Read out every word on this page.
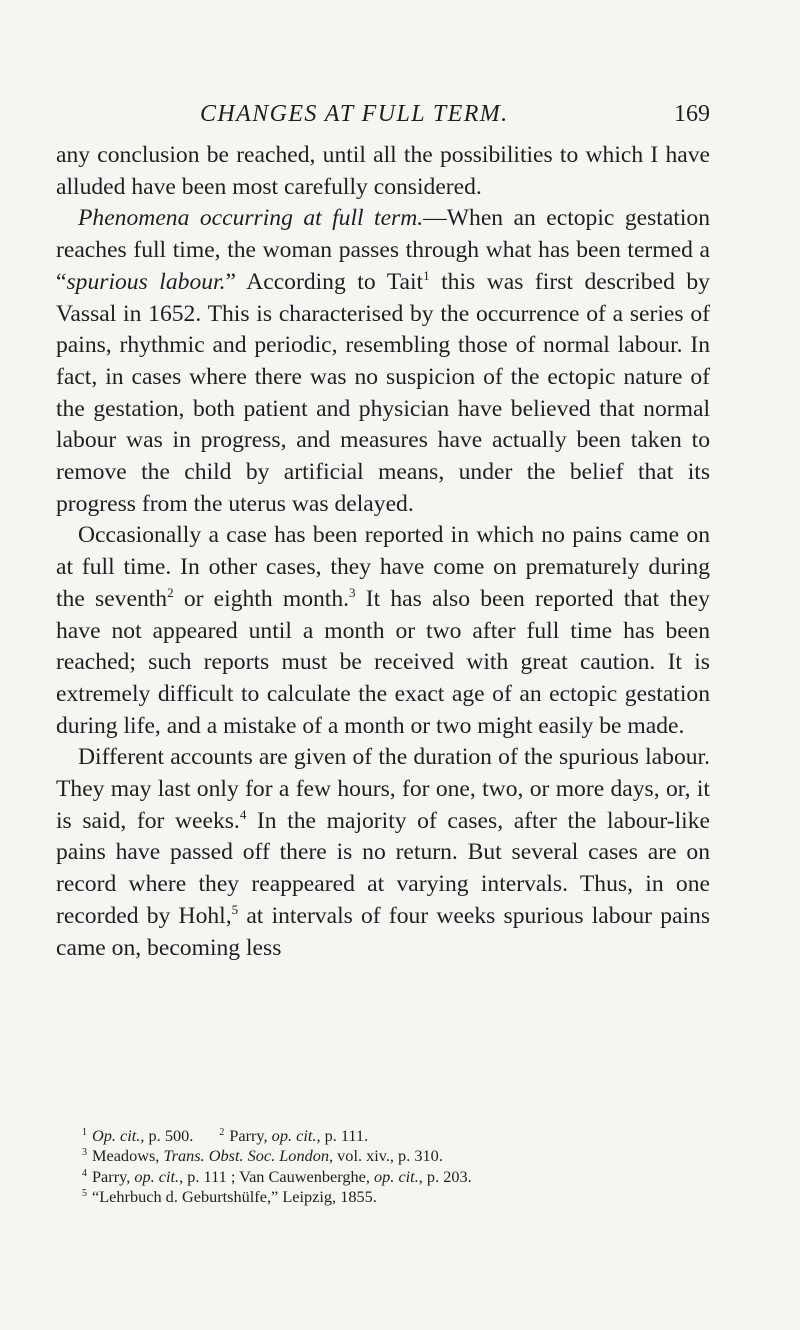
CHANGES AT FULL TERM.	169

any conclusion be reached, until all the possibilities to which I have alluded have been most carefully considered.

Phenomena occurring at full term.—When an ectopic gestation reaches full time, the woman passes through what has been termed a “spurious labour.” According to Tait$^1$ this was first described by Vassal in 1652. This is characterised by the occurrence of a series of pains, rhythmic and periodic, resembling those of normal labour. In fact, in cases where there was no suspicion of the ectopic nature of the gestation, both patient and physician have believed that normal labour was in progress, and measures have actually been taken to remove the child by artificial means, under the belief that its progress from the uterus was delayed.

Occasionally a case has been reported in which no pains came on at full time. In other cases, they have come on prematurely during the seventh$^2$ or eighth month.$^3$ It has also been reported that they have not appeared until a month or two after full time has been reached; such reports must be received with great caution. It is extremely difficult to calculate the exact age of an ectopic gestation during life, and a mistake of a month or two might easily be made.

Different accounts are given of the duration of the spurious labour. They may last only for a few hours, for one, two, or more days, or, it is said, for weeks.$^4$ In the majority of cases, after the labour-like pains have passed off there is no return. But several cases are on record where they reappeared at varying intervals. Thus, in one recorded by Hohl,$^5$ at intervals of four weeks spurious labour pains came on, becoming less

$^1$ Op. cit., p. 500.	$^2$ Parry, op. cit., p. 111.
$^3$ Meadows, Trans. Obst. Soc. London, vol. xiv., p. 310.
$^4$ Parry, op. cit., p. 111 ; Van Cauwenberghe, op. cit., p. 203.
$^5$ “Lehrbuch d. Geburtshülfe,” Leipzig, 1855.
